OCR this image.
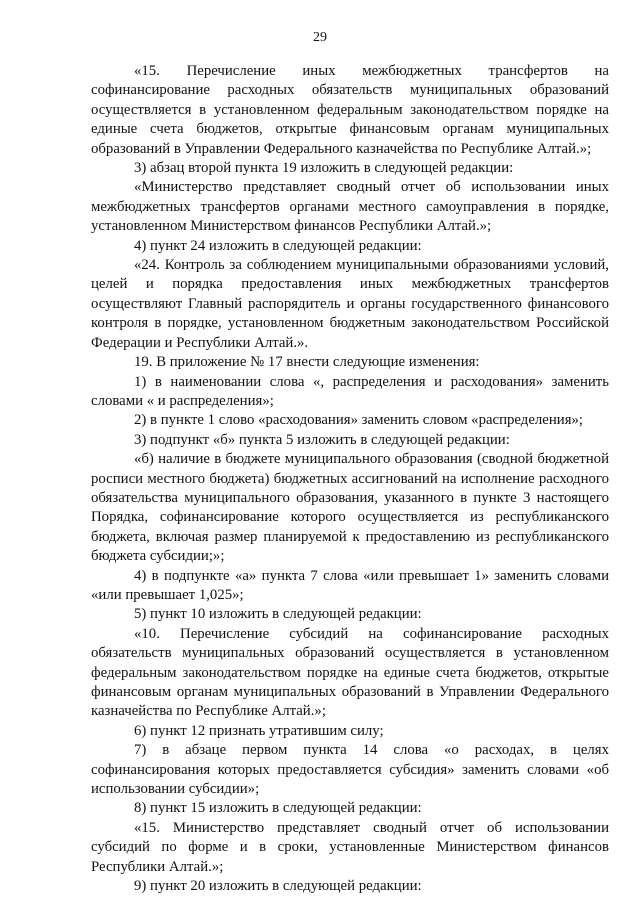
29

«15. Перечисление иных межбюджетных трансфертов на софинансирование расходных обязательств муниципальных образований осуществляется в установленном федеральным законодательством порядке на единые счета бюджетов, открытые финансовым органам муниципальных образований в Управлении Федерального казначейства по Республике Алтай.»;

3) абзац второй пункта 19 изложить в следующей редакции:

«Министерство представляет сводный отчет об использовании иных межбюджетных трансфертов органами местного самоуправления в порядке, установленном Министерством финансов Республики Алтай.»;

4) пункт 24 изложить в следующей редакции:

«24. Контроль за соблюдением муниципальными образованиями условий, целей и порядка предоставления иных межбюджетных трансфертов осуществляют Главный распорядитель и органы государственного финансового контроля в порядке, установленном бюджетным законодательством Российской Федерации и Республики Алтай.».

19. В приложение № 17 внести следующие изменения:

1) в наименовании слова «, распределения и расходования» заменить словами « и распределения»;

2) в пункте 1 слово «расходования» заменить словом «распределения»;

3) подпункт «б» пункта 5 изложить в следующей редакции:

«б) наличие в бюджете муниципального образования (сводной бюджетной росписи местного бюджета) бюджетных ассигнований на исполнение расходного обязательства муниципального образования, указанного в пункте 3 настоящего Порядка, софинансирование которого осуществляется из республиканского бюджета, включая размер планируемой к предоставлению из республиканского бюджета субсидии;»;

4) в подпункте «а» пункта 7 слова «или превышает 1» заменить словами «или превышает 1,025»;

5) пункт 10 изложить в следующей редакции:

«10. Перечисление субсидий на софинансирование расходных обязательств муниципальных образований осуществляется в установленном федеральным законодательством порядке на единые счета бюджетов, открытые финансовым органам муниципальных образований в Управлении Федерального казначейства по Республике Алтай.»;

6) пункт 12 признать утратившим силу;

7) в абзаце первом пункта 14 слова «о расходах, в целях софинансирования которых предоставляется субсидия» заменить словами «об использовании субсидии»;

8) пункт 15 изложить в следующей редакции:

«15. Министерство представляет сводный отчет об использовании субсидий по форме и в сроки, установленные Министерством финансов Республики Алтай.»;

9) пункт 20 изложить в следующей редакции:
